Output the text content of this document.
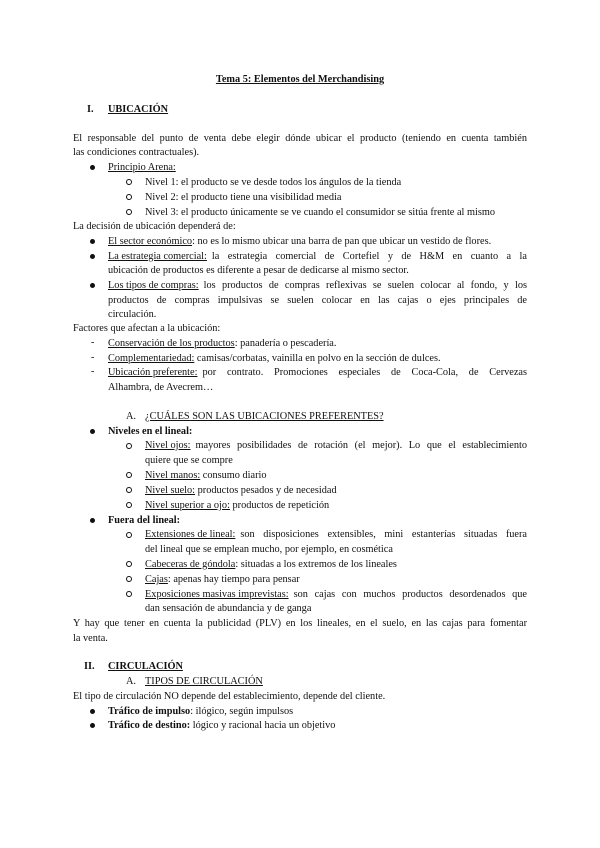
Tema 5: Elementos del Merchandising
I. UBICACIÓN
El responsable del punto de venta debe elegir dónde ubicar el producto (teniendo en cuenta también
las condiciones contractuales).
Principio Arena:
Nivel 1: el producto se ve desde todos los ángulos de la tienda
Nivel 2: el producto tiene una visibilidad media
Nivel 3: el producto únicamente se ve cuando el consumidor se sitúa frente al mismo
La decisión de ubicación dependerá de:
El sector económico: no es lo mismo ubicar una barra de pan que ubicar un vestido de flores.
La estrategia comercial: la estrategia comercial de Cortefiel y de H&M en cuanto a la
ubicación de productos es diferente a pesar de dedicarse al mismo sector.
Los tipos de compras: los productos de compras reflexivas se suelen colocar al fondo, y los
productos de compras impulsivas se suelen colocar en las cajas o ejes principales de
circulación.
Factores que afectan a la ubicación:
- Conservación de los productos: panadería o pescadería.
- Complementariedad: camisas/corbatas, vainilla en polvo en la sección de dulces.
- Ubicación preferente: por contrato. Promociones especiales de Coca-Cola, de Cervezas
Alhambra, de Avecrem…
A. ¿CUÁLES SON LAS UBICACIONES PREFERENTES?
Niveles en el lineal:
Nivel ojos: mayores posibilidades de rotación (el mejor). Lo que el establecimiento
quiere que se compre
Nivel manos: consumo diario
Nivel suelo: productos pesados y de necesidad
Nivel superior a ojo: productos de repetición
Fuera del lineal:
Extensiones de lineal: son disposiciones extensibles, mini estanterías situadas fuera
del lineal que se emplean mucho, por ejemplo, en cosmética
Cabeceras de góndola: situadas a los extremos de los lineales
Cajas: apenas hay tiempo para pensar
Exposiciones masivas imprevistas: son cajas con muchos productos desordenados que
dan sensación de abundancia y de ganga
Y hay que tener en cuenta la publicidad (PLV) en los lineales, en el suelo, en las cajas para fomentar
la venta.
II. CIRCULACIÓN
A. TIPOS DE CIRCULACIÓN
El tipo de circulación NO depende del establecimiento, depende del cliente.
Tráfico de impulso: ilógico, según impulsos
Tráfico de destino: lógico y racional hacia un objetivo
